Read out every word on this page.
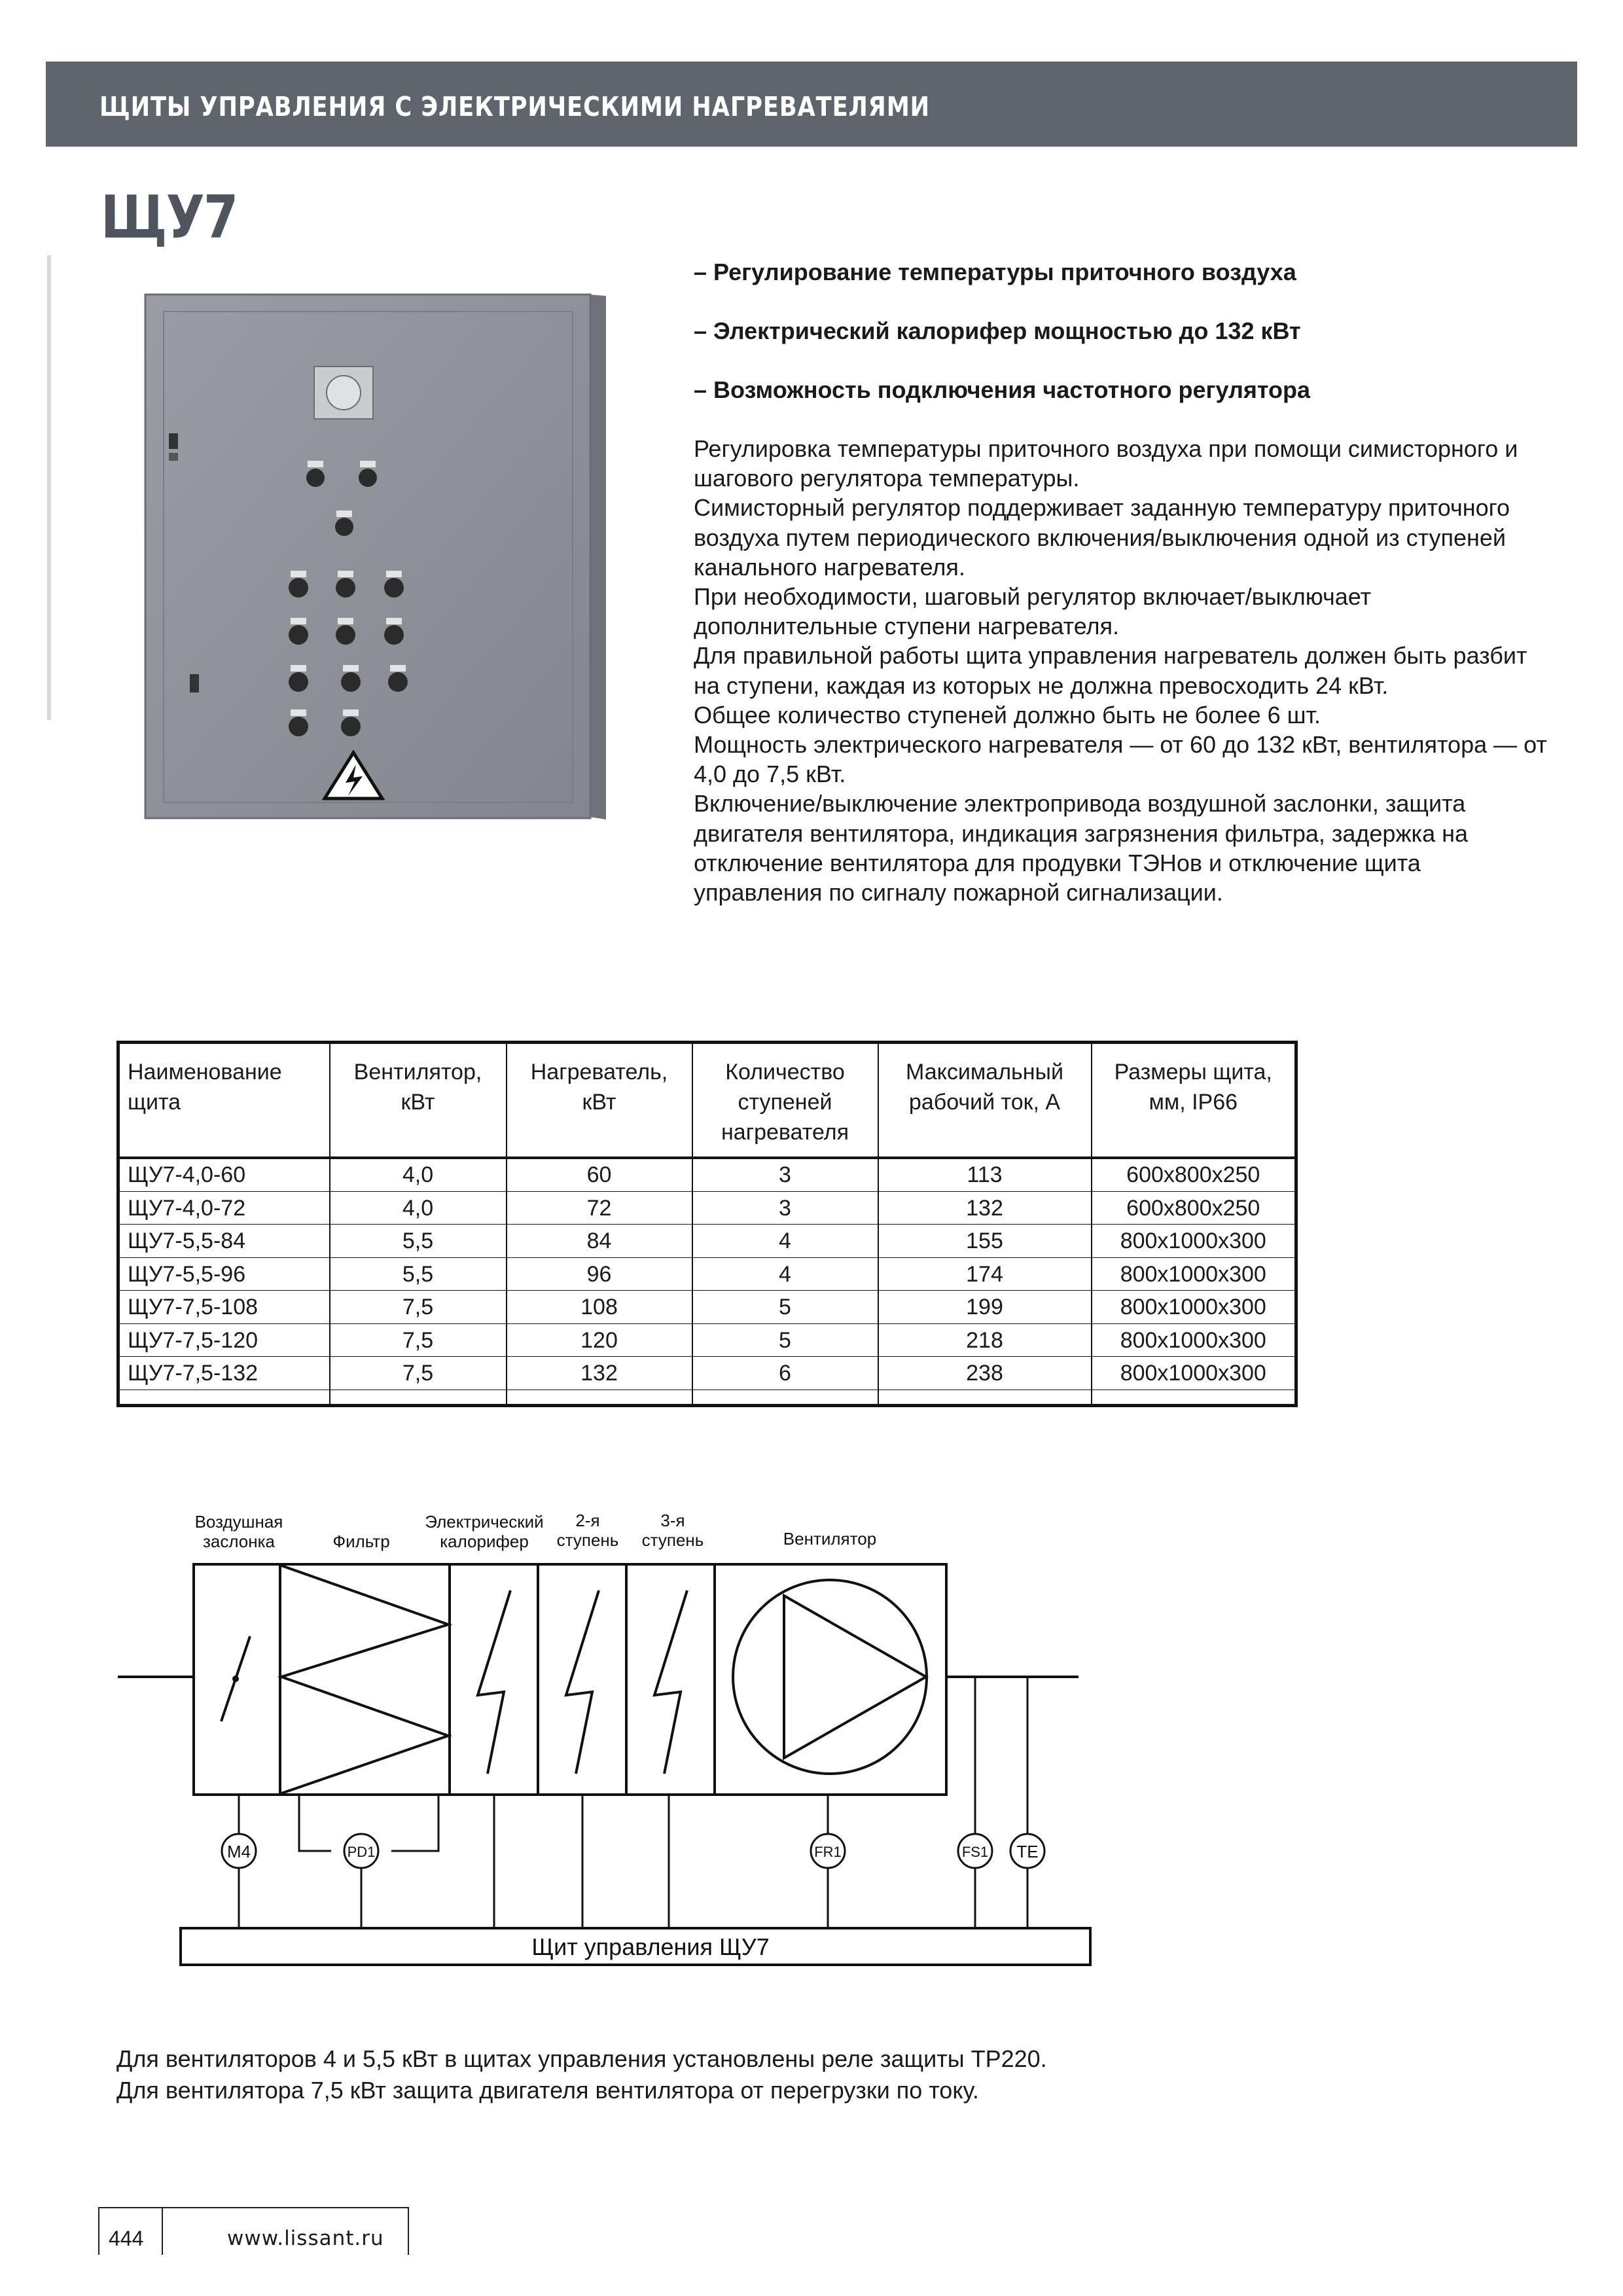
ЩИТЫ УПРАВЛЕНИЯ С ЭЛЕКТРИЧЕСКИМИ НАГРЕВАТЕЛЯМИ
ЩУ7
– Регулирование температуры приточного воздуха
– Электрический калорифер мощностью до 132 кВт
– Возможность подключения частотного регулятора

Регулировка температуры приточного воздуха при помощи симисторного и шагового регулятора температуры.

Симисторный регулятор поддерживает заданную температуру приточного воздуха путем периодического включения/выключения одной из ступеней канального нагревателя.

При необходимости, шаговый регулятор включает/выключает дополнительные ступени нагревателя.

Для правильной работы щита управления нагреватель должен быть разбит на ступени, каждая из которых не должна превосходить 24 кВт.

Общее количество ступеней должно быть не более 6 шт.

Мощность электрического нагревателя — от 60 до 132 кВт, вентилятора — от 4,0 до 7,5 кВт.

Включение/выключение электропривода воздушной заслонки, защита двигателя вентилятора, индикация загрязнения фильтра, задержка на отключение вентилятора для продувки ТЭНов и отключение щита управления по сигналу пожарной сигнализации.

Наименование щита	Вентилятор, кВт	Нагреватель, кВт	Количество ступеней нагревателя	Максимальный рабочий ток, А	Размеры щита, мм, IP66
ЩУ7-4,0-60	4,0	60	3	113	600х800х250
ЩУ7-4,0-72	4,0	72	3	132	600х800х250
ЩУ7-5,5-84	5,5	84	4	155	800х1000х300
ЩУ7-5,5-96	5,5	96	4	174	800х1000х300
ЩУ7-7,5-108	7,5	108	5	199	800х1000х300
ЩУ7-7,5-120	7,5	120	5	218	800х1000х300
ЩУ7-7,5-132	7,5	132	6	238	800х1000х300

Воздушная
заслонка	Фильтр
Электрический
калорифер
2-я
ступень
3-я
ступень	Вентилятор
M4	PD1	FR1	FS1 TE
Щит управления ЩУ7

Для вентиляторов 4 и 5,5 кВт в щитах управления установлены реле защиты ТР220.

Для вентилятора 7,5 кВт защита двигателя вентилятора от перегрузки по току.

444	www.lissant.ru
